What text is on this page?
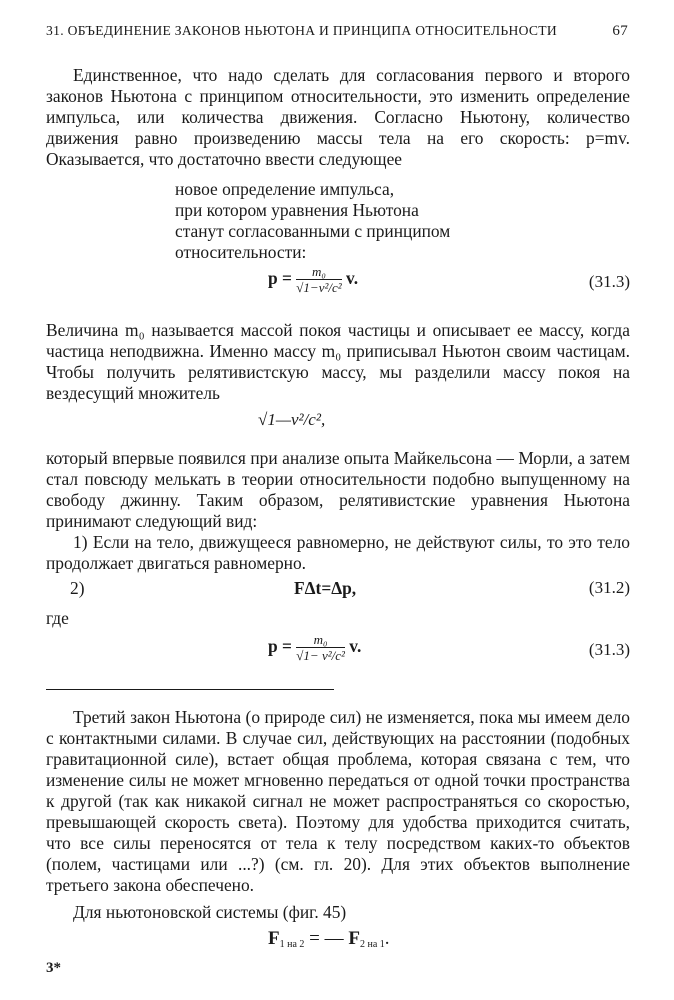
31. ОБЪЕДИНЕНИЕ ЗАКОНОВ НЬЮТОНА И ПРИНЦИПА ОТНОСИТЕЛЬНОСТИ	67

Единственное, что надо сделать для согласования первого и второго законов Ньютона с принципом относительности, это изменить определение импульса, или количества движения. Согласно Ньютону, количество движения равно произведению массы тела на его скорость: p=mv. Оказывается, что достаточно ввести следующее

новое определение импульса,
при котором уравнения Ньютона
станут согласованными с принципом
относительности:
$p = \frac{\text{m₀}}{\text{√1−v²/c²}} v$.	(31.3)

Величина m₀ называется массой покоя частицы и описывает ее массу, когда частица неподвижна. Именно массу m₀ приписывал Ньютон своим частицам. Чтобы получить релятивистскую массу, мы разделили массу покоя на вездесущий множитель

√1—v²/c²,

который впервые появился при анализе опыта Майкельсона — Морли, а затем стал повсюду мелькать в теории относительности подобно выпущенному на свободу джинну. Таким образом, релятивистские уравнения Ньютона принимают следующий вид:

1) Если на тело, движущееся равномерно, не действуют силы, то это тело продолжает двигаться равномерно.

2)	FΔt=Δp,	(31.2)
где
$p = \frac{\text{m₀}}{\text{√1− v²/c²}} v$.	(31.3)

Третий закон Ньютона (о природе сил) не изменяется, пока мы имеем дело с контактными силами. В случае сил, действующих на расстоянии (подобных гравитационной силе), встает общая проблема, которая связана с тем, что изменение силы не может мгновенно передаться от одной точки пространства к другой (так как никакой сигнал не может распространяться со скоростью, превышающей скорость света). Поэтому для удобства приходится считать, что все силы переносятся от тела к телу посредством каких-то объектов (полем, частицами или ...?) (см. гл. 20). Для этих объектов выполнение третьего закона обеспечено.

Для ньютоновской системы (фиг. 45)

$F_{1 на 2}$ = — $F_{2 на 1}$.
3*
